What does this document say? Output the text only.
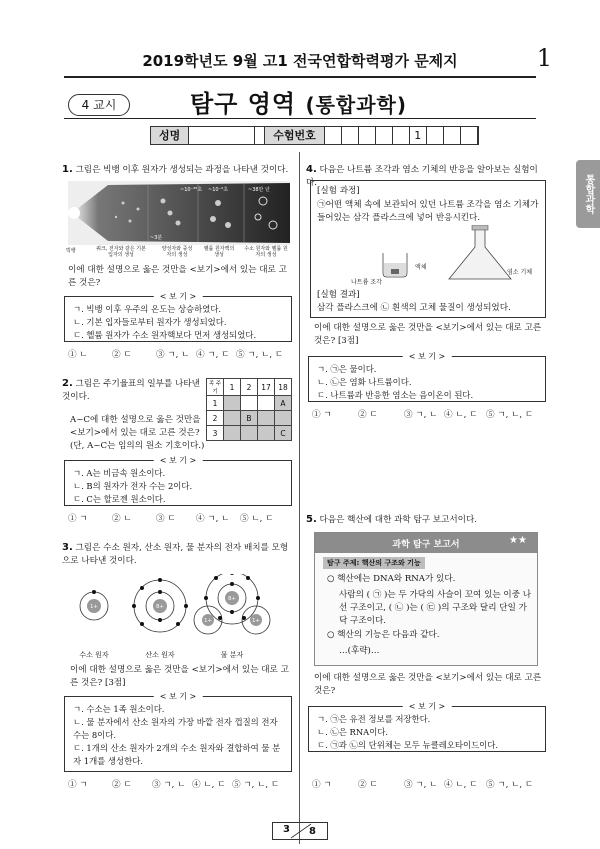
2019학년도 9월 고1 전국연합학력평가 문제지	1
4 교시	탐구 영역 (통합과학)
성명	수험번호	1
통합과학
1. 그림은 빅뱅 이후 원자가 생성되는 과정을 나타낸 것이다.
~10⁻³⁶초 ~10⁻⁶초
~3분
~38만 년
빅뱅	쿼크, 전자와 같은 기본 입자의 생성
양성자와 중성자의 생성
헬륨 원자핵의 생성
수소 원자와 헬륨 원자의 생성
이에 대한 설명으로 옳은 것만을 <보기>에서 있는 대로 고른 것은?
< 보 기 >
ㄱ. 빅뱅 이후 우주의 온도는 상승하였다.
ㄴ. 기본 입자들로부터 원자가 생성되었다.
ㄷ. 헬륨 원자가 수소 원자핵보다 먼저 생성되었다.
① ㄴ	② ㄷ	③ ㄱ, ㄴ ④ ㄱ, ㄷ ⑤ ㄱ, ㄴ, ㄷ
2. 그림은 주기율표의 일부를 나타낸 것이다.
A~C에 대한 설명으로 옳은 것만을 <보기>에서 있는 대로 고른 것은? (단, A~C는 임의의 원소 기호이다.)
족 주기	1	2	17	18
1				A
2		B		
3				C
< 보 기 >
ㄱ. A는 비금속 원소이다.
ㄴ. B의 원자가 전자 수는 2이다.
ㄷ. C는 할로젠 원소이다.
① ㄱ	② ㄴ	③ ㄷ ④ ㄱ, ㄴ ⑤ ㄴ, ㄷ
3. 그림은 수소 원자, 산소 원자, 물 분자의 전자 배치를 모형으로 나타낸 것이다.
1+	8+
8+
1+	1+
수소 원자	산소 원자	물 분자
이에 대한 설명으로 옳은 것만을 <보기>에서 있는 대로 고른 것은? [3점]
< 보 기 >
ㄱ. 수소는 1족 원소이다.
ㄴ. 물 분자에서 산소 원자의 가장 바깥 전자 껍질의 전자 수는 8이다.
ㄷ. 1개의 산소 원자가 2개의 수소 원자와 결합하여 물 분자 1개를 생성한다.
① ㄱ	② ㄷ ③ ㄱ, ㄴ ④ ㄴ, ㄷ ⑤ ㄱ, ㄴ, ㄷ
4. 다음은 나트륨 조각과 염소 기체의 반응을 알아보는 실험이다.
[실험 과정]
㉠어떤 액체 속에 보관되어 있던 나트륨 조각을 염소 기체가 들어있는 삼각 플라스크에 넣어 반응시킨다.
액체
나트륨 조각
염소 기체
[실험 결과]
삼각 플라스크에 ㉡ 흰색의 고체 물질이 생성되었다.
이에 대한 설명으로 옳은 것만을 <보기>에서 있는 대로 고른 것은? [3점]
< 보 기 >
ㄱ. ㉠은 물이다.
ㄴ. ㉡은 염화 나트륨이다.
ㄷ. 나트륨과 반응한 염소는 음이온이 된다.
① ㄱ	② ㄷ	③ ㄱ, ㄴ ④ ㄴ, ㄷ ⑤ ㄱ, ㄴ, ㄷ
5. 다음은 핵산에 대한 과학 탐구 보고서이다.
과학 탐구 보고서	★★
탐구 주제: 핵산의 구조와 기능
○ 핵산에는 DNA와 RNA가 있다.
사람의 ( ㉠ )는 두 가닥의 사슬이 꼬여 있는 이중 나선 구조이고, ( ㉡ )는 ( ㉢ )의 구조와 달리 단일 가닥 구조이다.
○ 핵산의 기능은 다음과 같다.
…(후략)…
이에 대한 설명으로 옳은 것만을 <보기>에서 있는 대로 고른 것은?
< 보 기 >
ㄱ. ㉠은 유전 정보를 저장한다.
ㄴ. ㉡은 RNA이다.
ㄷ. ㉠과 ㉡의 단위체는 모두 뉴클레오타이드이다.
① ㄱ	② ㄷ	③ ㄱ, ㄴ ④ ㄴ, ㄷ ⑤ ㄱ, ㄴ, ㄷ
3 8
